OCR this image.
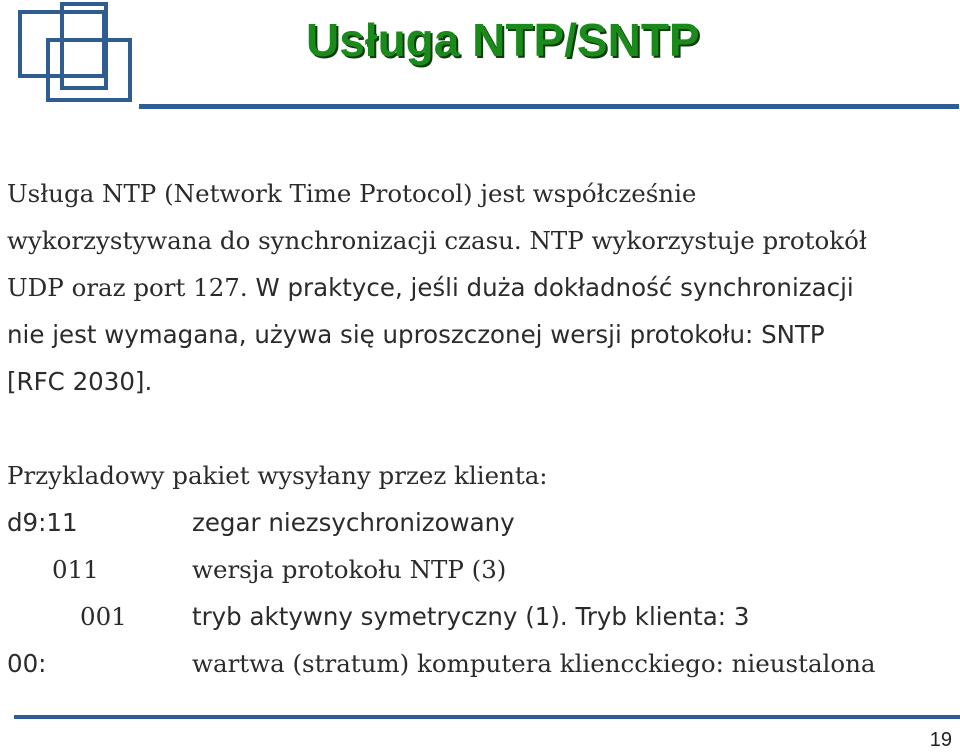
Usługa NTP/SNTP
Usługa NTP (Network Time Protocol) jest współcześnie
wykorzystywana do synchronizacji czasu. NTP wykorzystuje protokół
UDP oraz port 127. W praktyce, jeśli duża dokładność synchronizacji
nie jest wymagana, używa się uproszczonej wersji protokołu: SNTP
[RFC 2030].
Przykladowy pakiet wysyłany przez klienta:
d9:11	zegar niezsychronizowany
011	wersja protokołu NTP (3)
001	tryb aktywny symetryczny (1). Tryb klienta: 3
00:	wartwa (stratum) komputera kliencckiego: nieustalona
19
